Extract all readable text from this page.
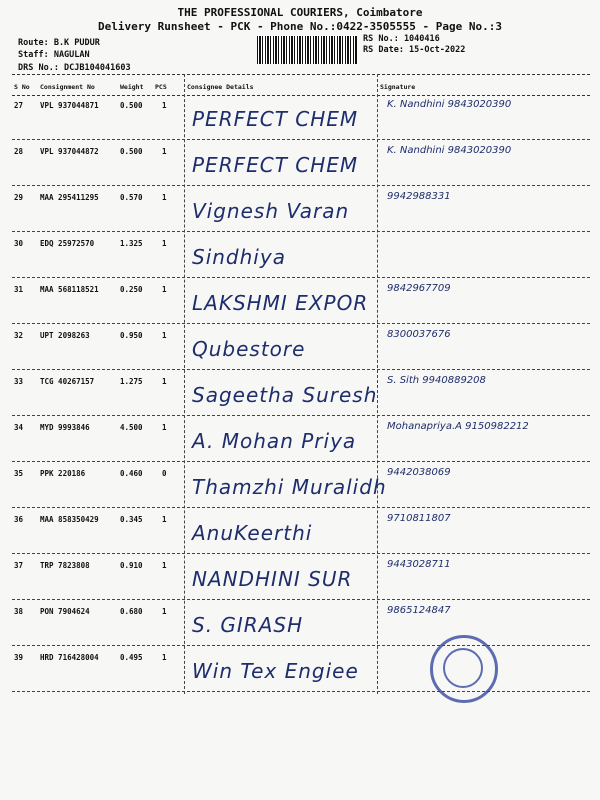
THE PROFESSIONAL COURIERS, Coimbatore
Delivery Runsheet - PCK - Phone No.:0422-3505555 - Page No.:3
Route: B.K PUDUR
Staff: NAGULAN
DRS No.: DCJB104041603
RS No.: 1040416
RS Date: 15-Oct-2022
S No Consignment No	Weight PCS	Consignee Details	Signature
27 VPL 937044871	0.500	1
PERFECT CHEM
K. Nandhini 9843020390
28 VPL 937044872	0.500	1
PERFECT CHEM
K. Nandhini 9843020390
29 MAA 295411295	0.570	1
Vignesh Varan
9942988331
30 EDQ 25972570	1.325	1
Sindhiya
31 MAA 568118521	0.250	1
LAKSHMI EXPOR
9842967709
32 UPT 2098263	0.950	1
Qubestore
8300037676
33 TCG 40267157	1.275	1
Sageetha Suresh
S. Sith 9940889208
34 MYD 9993846	4.500	1
A. Mohan Priya
Mohanapriya.A 9150982212
35 PPK 220186	0.460	0
Thamzhi Muralidh
9442038069
36 MAA 858350429	0.345	1
AnuKeerthi
9710811807
37 TRP 7823808	0.910	1
NANDHINI SUR
9443028711
38 PON 7904624	0.680	1
S. GIRASH
9865124847
39 HRD 716428004	0.495	1
Win Tex Engiee
